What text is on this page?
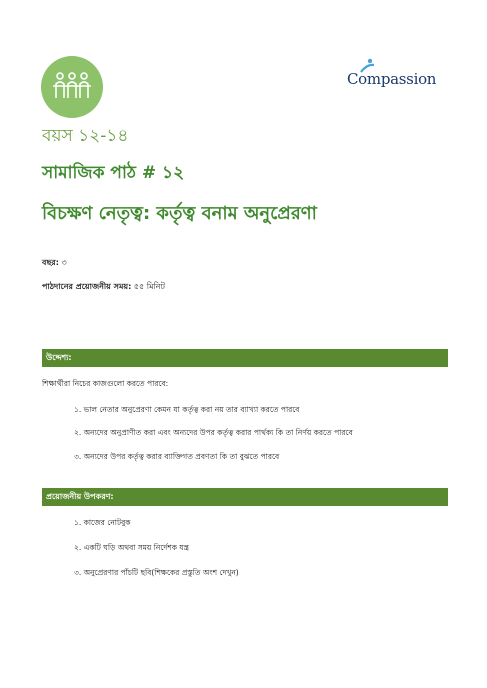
Compassion
বয়স ১২-১৪
সামাজিক পাঠ # ১২
বিচক্ষণ নেতৃত্ব: কর্তৃত্ব বনাম অনুপ্রেরণা
বছর: ৩
পাঠদানের প্রয়োজনীয় সময়: ৫৫ মিনিট
উদ্দেশ্য:
শিক্ষার্থীরা নিচের কাজগুলো করতে পারবে:
১. ভাল নেতার অনুপ্রেরণা কেমন যা কর্তৃত্ব করা নয় তার ব্যাখ্যা করতে পারবে
২. অন্যদের অনুপ্রাণীত করা এবং অন্যদের উপর কর্তৃত্ব করার পার্থক্য কি তা নির্ণয় করতে পারবে
৩. অন্যদের উপর কর্তৃত্ব করার ব্যাক্তিগত প্রবণতা কি তা বুঝতে পারবে
প্রয়োজনীয় উপকরণ:
১. কাজের নোটবুক
২. একটি ঘড়ি অথবা সময় নির্দেশক যন্ত্র
৩. অনুপ্রেরণার পাঁচটি ছবি(শিক্ষকের প্রস্তুতি অংশ দেখুন)
